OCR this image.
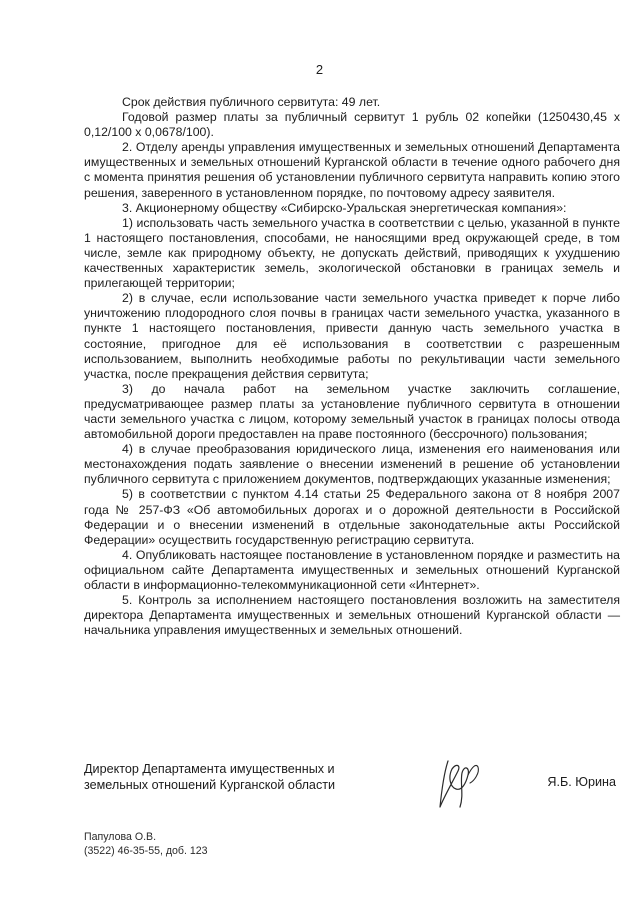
2

Срок действия публичного сервитута: 49 лет.

Годовой размер платы за публичный сервитут 1 рубль 02 копейки (1250430,45 х 0,12/100 х 0,0678/100).

2. Отделу аренды управления имущественных и земельных отношений Департамента имущественных и земельных отношений Курганской области в течение одного рабочего дня с момента принятия решения об установлении публичного сервитута направить копию этого решения, заверенного в установленном порядке, по почтовому адресу заявителя.

3. Акционерному обществу «Сибирско-Уральская энергетическая компания»:

1) использовать часть земельного участка в соответствии с целью, указанной в пункте 1 настоящего постановления, способами, не наносящими вред окружающей среде, в том числе, земле как природному объекту, не допускать действий, приводящих к ухудшению качественных характеристик земель, экологической обстановки в границах земель и прилегающей территории;

2) в случае, если использование части земельного участка приведет к порче либо уничтожению плодородного слоя почвы в границах части земельного участка, указанного в пункте 1 настоящего постановления, привести данную часть земельного участка в состояние, пригодное для её использования в соответствии с разрешенным использованием, выполнить необходимые работы по рекультивации части земельного участка, после прекращения действия сервитута;

3) до начала работ на земельном участке заключить соглашение, предусматривающее размер платы за установление публичного сервитута в отношении части земельного участка с лицом, которому земельный участок в границах полосы отвода автомобильной дороги предоставлен на праве постоянного (бессрочного) пользования;

4) в случае преобразования юридического лица, изменения его наименования или местонахождения подать заявление о внесении изменений в решение об установлении публичного сервитута с приложением документов, подтверждающих указанные изменения;

5) в соответствии с пунктом 4.14 статьи 25 Федерального закона от 8 ноября 2007 года № 257-ФЗ «Об автомобильных дорогах и о дорожной деятельности в Российской Федерации и о внесении изменений в отдельные законодательные акты Российской Федерации» осуществить государственную регистрацию сервитута.

4. Опубликовать настоящее постановление в установленном порядке и разместить на официальном сайте Департамента имущественных и земельных отношений Курганской области в информационно-телекоммуникационной сети «Интернет».

5. Контроль за исполнением настоящего постановления возложить на заместителя директора Департамента имущественных и земельных отношений Курганской области — начальника управления имущественных и земельных отношений.

Директор Департамента имущественных и
земельных отношений Курганской области	Я.Б. Юрина
Папулова О.В.
(3522) 46-35-55, доб. 123
